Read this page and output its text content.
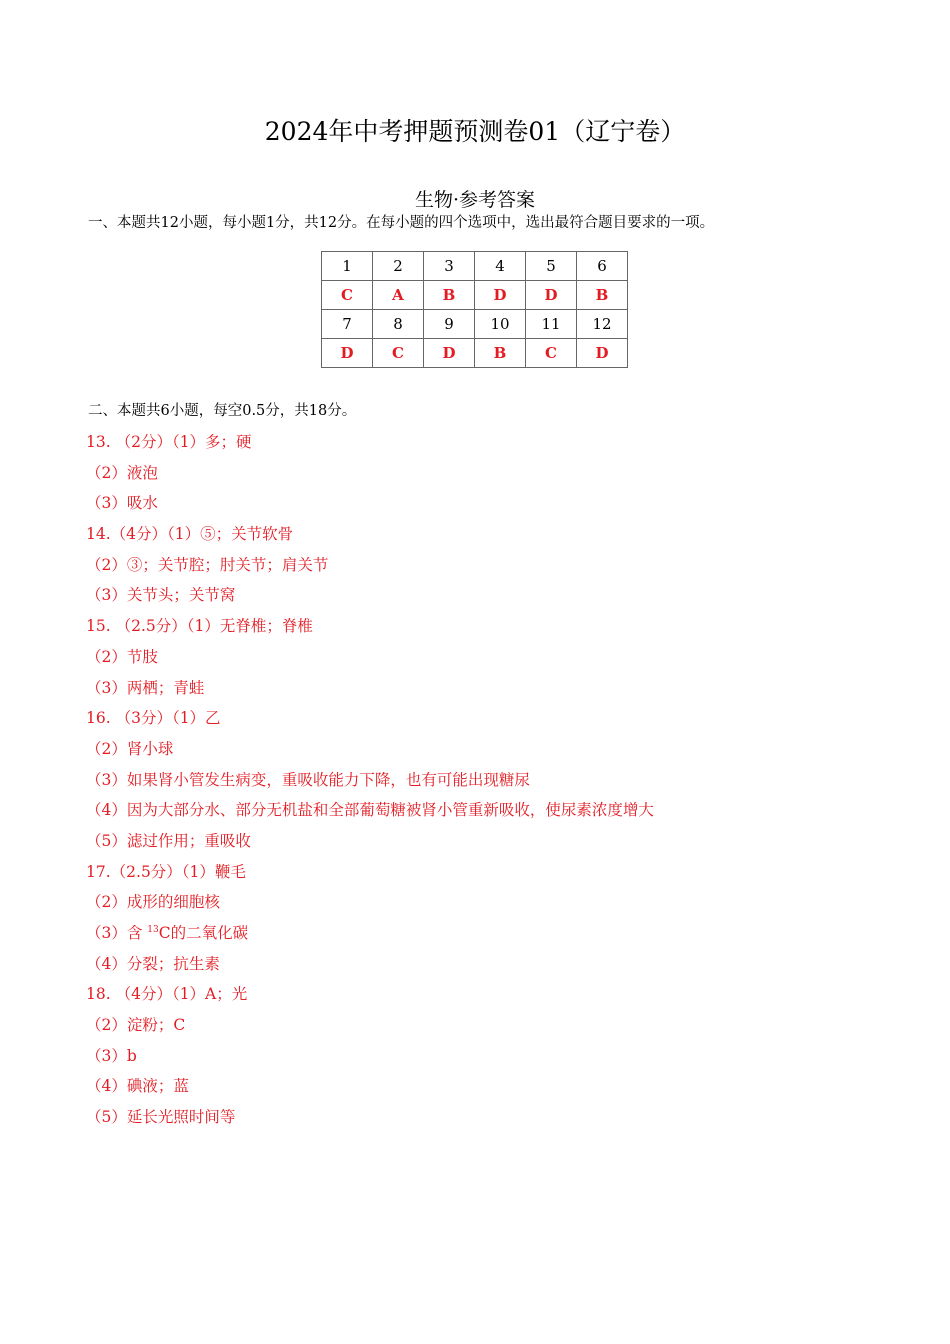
2024年中考押题预测卷01（辽宁卷）
生物·参考答案
一、本题共12小题，每小题1分，共12分。在每小题的四个选项中，选出最符合题目要求的一项。
1	2	3	4	5	6
C	A	B	D	D	B
7	8	9	10	11	12
D	C	D	B	C	D
二、本题共6小题，每空0.5分，共18分。
13. （2分）（1）多；硬
（2）液泡
（3）吸水
14.（4分）（1）⑤；关节软骨
（2）③；关节腔；肘关节；肩关节
（3）关节头；关节窝
15. （2.5分）（1）无脊椎；脊椎
（2）节肢
（3）两栖；青蛙
16. （3分）（1）乙
（2）肾小球
（3）如果肾小管发生病变，重吸收能力下降，也有可能出现糖尿
（4）因为大部分水、部分无机盐和全部葡萄糖被肾小管重新吸收，使尿素浓度增大
（5）滤过作用；重吸收
17.（2.5分）（1）鞭毛
（2）成形的细胞核
（3）含 $^{13}$C的二氧化碳
（4）分裂；抗生素
18. （4分）（1）A；光
（2）淀粉；C
（3）b
（4）碘液；蓝
（5）延长光照时间等
